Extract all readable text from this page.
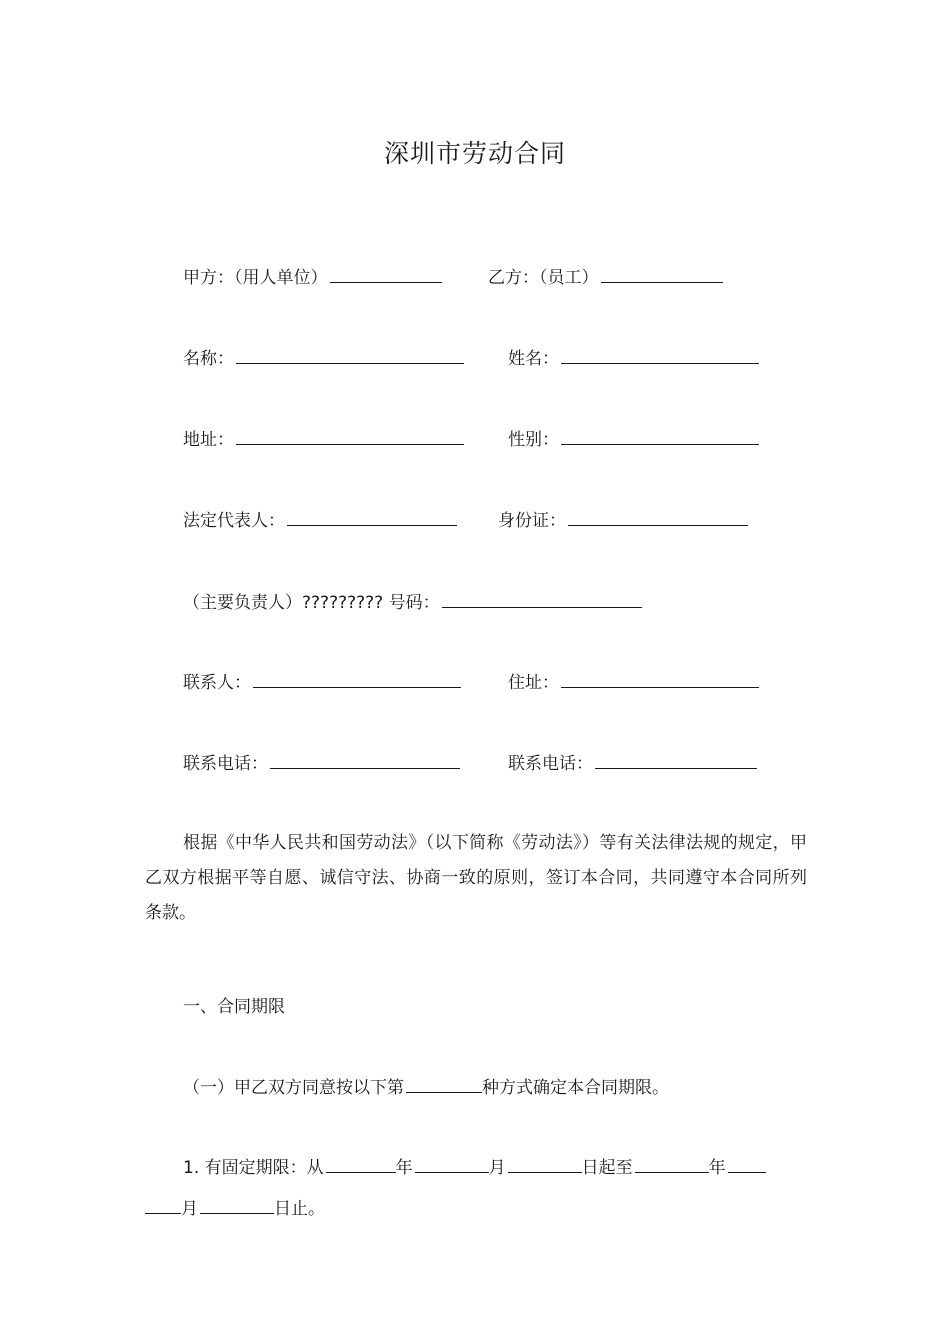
深圳市劳动合同
甲方：（用人单位）	乙方：（员工）
名称：	姓名：
地址：	性别：
法定代表人：	身份证：
（主要负责人）????????? 号码：
联系人：	住址：
联系电话：	联系电话：
根据《中华人民共和国劳动法》（以下简称《劳动法》）等有关法律法规的规定，甲乙双方根据平等自愿、诚信守法、协商一致的原则，签订本合同，共同遵守本合同所列条款。
一、合同期限
（一）甲乙双方同意按以下第	种方式确定本合同期限。
1. 有固定期限：从	年	月	日起至	年
月	日止。
